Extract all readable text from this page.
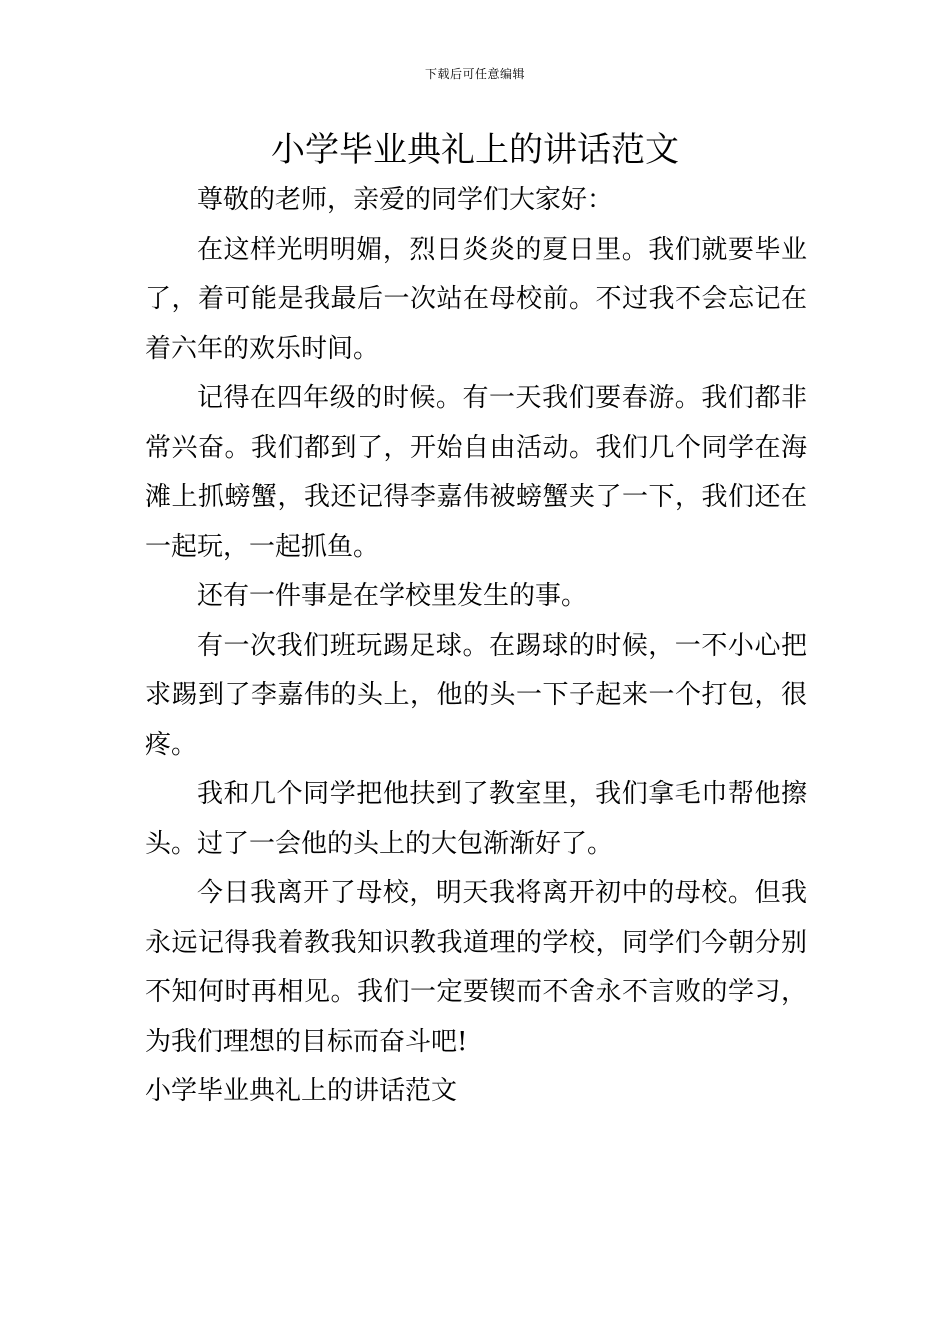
下载后可任意编辑
小学毕业典礼上的讲话范文

尊敬的老师，亲爱的同学们大家好：

在这样光明明媚，烈日炎炎的夏日里。我们就要毕业了，着可能是我最后一次站在母校前。不过我不会忘记在着六年的欢乐时间。

记得在四年级的时候。有一天我们要春游。我们都非常兴奋。我们都到了，开始自由活动。我们几个同学在海滩上抓螃蟹，我还记得李嘉伟被螃蟹夹了一下，我们还在一起玩，一起抓鱼。

还有一件事是在学校里发生的事。

有一次我们班玩踢足球。在踢球的时候，一不小心把求踢到了李嘉伟的头上，他的头一下子起来一个打包，很疼。

我和几个同学把他扶到了教室里，我们拿毛巾帮他擦头。过了一会他的头上的大包渐渐好了。

今日我离开了母校，明天我将离开初中的母校。但我永远记得我着教我知识教我道理的学校，同学们今朝分别不知何时再相见。我们一定要锲而不舍永不言败的学习，为我们理想的目标而奋斗吧!

小学毕业典礼上的讲话范文
